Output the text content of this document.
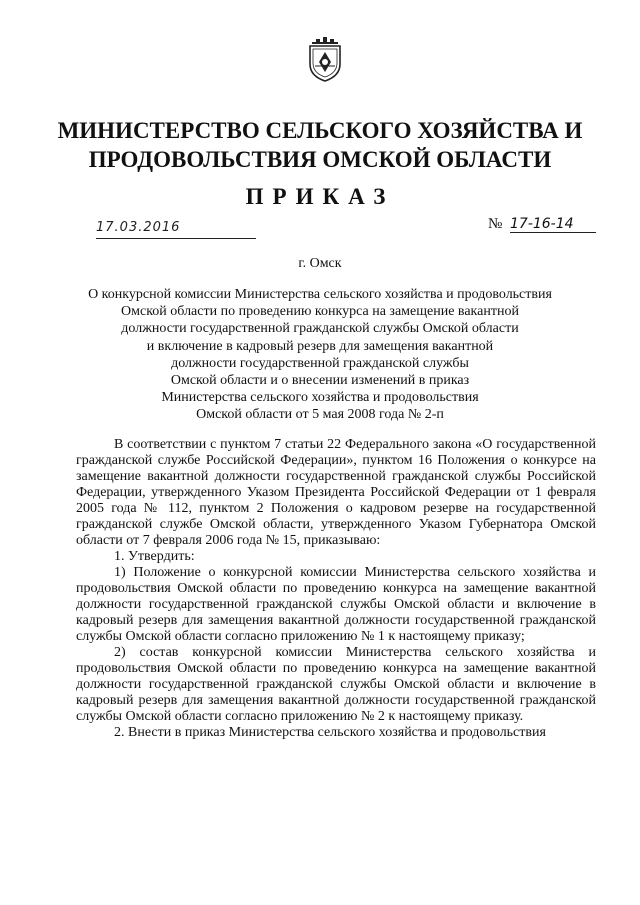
МИНИСТЕРСТВО СЕЛЬСКОГО ХОЗЯЙСТВА И
ПРОДОВОЛЬСТВИЯ ОМСКОЙ ОБЛАСТИ
ПРИКАЗ
17.03.2016	№ 17-16-14
г. Омск
О конкурсной комиссии Министерства сельского хозяйства и продовольствия
Омской области по проведению конкурса на замещение вакантной
должности государственной гражданской службы Омской области
и включение в кадровый резерв для замещения вакантной
должности государственной гражданской службы
Омской области и о внесении изменений в приказ
Министерства сельского хозяйства и продовольствия
Омской области от 5 мая 2008 года № 2-п

В соответствии с пунктом 7 статьи 22 Федерального закона «О государственной гражданской службе Российской Федерации», пунктом 16 Положения о конкурсе на замещение вакантной должности государственной гражданской службы Российской Федерации, утвержденного Указом Президента Российской Федерации от 1 февраля 2005 года № 112, пунктом 2 Положения о кадровом резерве на государственной гражданской службе Омской области, утвержденного Указом Губернатора Омской области от 7 февраля 2006 года № 15, приказываю:

1. Утвердить:

1) Положение о конкурсной комиссии Министерства сельского хозяйства и продовольствия Омской области по проведению конкурса на замещение вакантной должности государственной гражданской службы Омской области и включение в кадровый резерв для замещения вакантной должности государственной гражданской службы Омской области согласно приложению № 1 к настоящему приказу;

2) состав конкурсной комиссии Министерства сельского хозяйства и продовольствия Омской области по проведению конкурса на замещение вакантной должности государственной гражданской службы Омской области и включение в кадровый резерв для замещения вакантной должности государственной гражданской службы Омской области согласно приложению № 2 к настоящему приказу.

2. Внести в приказ Министерства сельского хозяйства и продовольствия
